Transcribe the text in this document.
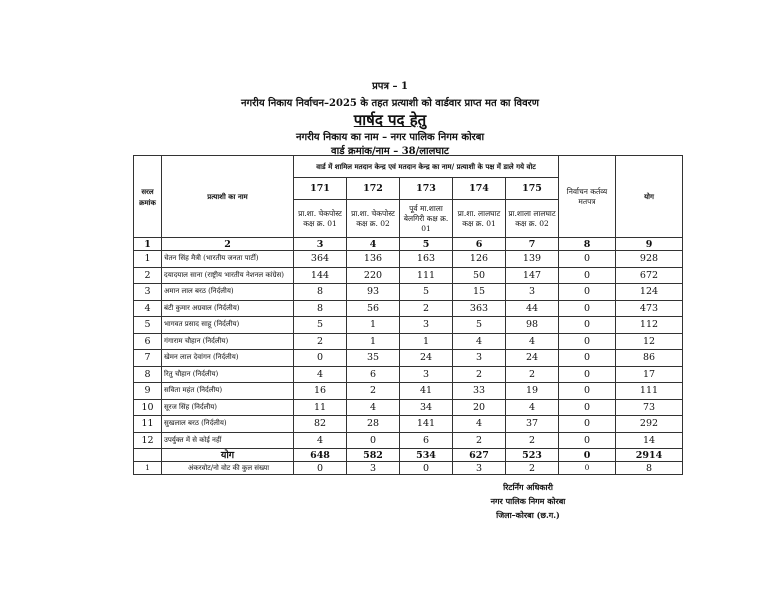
प्रपत्र – 1
नगरीय निकाय निर्वाचन–2025 के तहत प्रत्याशी को वार्डवार प्राप्त मत का विवरण
पार्षद पद हेतु
नगरीय निकाय का नाम – नगर पालिक निगम कोरबा
वार्ड क्रमांक/नाम – 38/लालघाट
सरल क्रमांक	प्रत्याशी का नाम	वार्ड में शामिल मतदान केन्द्र एवं मतदान केन्द्र का नाम/ प्रत्याशी के पक्ष में डाले गये वोट					निर्वाचन कर्तव्य मतपत्र	योग
		171	172	173	174	175		
		प्रा.शा. चेकपोस्ट कक्ष क्र. 01	प्रा.शा. चेकपोस्ट कक्ष क्र. 02	पूर्व मा.शाला बेलगिरी कक्ष क्र. 01	प्रा.शा. लालघाट कक्ष क्र. 01	प्रा.शाला लालघाट कक्ष क्र. 02		
1	2	3	4	5	6	7	8	9
1	चेतन सिंह मैत्री (भारतीय जनता पार्टी)	364	136	163	126	139	0	928
2	दयादयाल साना (राष्ट्रीय भारतीय नेशनल कांग्रेस)	144	220	111	50	147	0	672
3	अमान लाल बरठ (निर्दलीय)	8	93	5	15	3	0	124
4	बंटी कुमार अग्रवाल (निर्दलीय)	8	56	2	363	44	0	473
5	भागवत प्रसाद साहू (निर्दलीय)	5	1	3	5	98	0	112
6	गंगाराम चौहान (निर्दलीय)	2	1	1	4	4	0	12
7	खेमन लाल देवांगन (निर्दलीय)	0	35	24	3	24	0	86
8	रितु चौहान (निर्दलीय)	4	6	3	2	2	0	17
9	सविता महंत (निर्दलीय)	16	2	41	33	19	0	111
10	सूरज सिंह (निर्दलीय)	11	4	34	20	4	0	73
11	सुखलाल बरठ (निर्दलीय)	82	28	141	4	37	0	292
12	उपर्युक्त में से कोई नहीं	4	0	6	2	2	0	14
	योग	648	582	534	627	523	0	2914
1	अंकरवोट/नो वोट की कुल संख्या	0	3	0	3	2	0	8
रिटर्निंग अधिकारी
नगर पालिक निगम कोरबा
जिला–कोरबा (छ.ग.)
